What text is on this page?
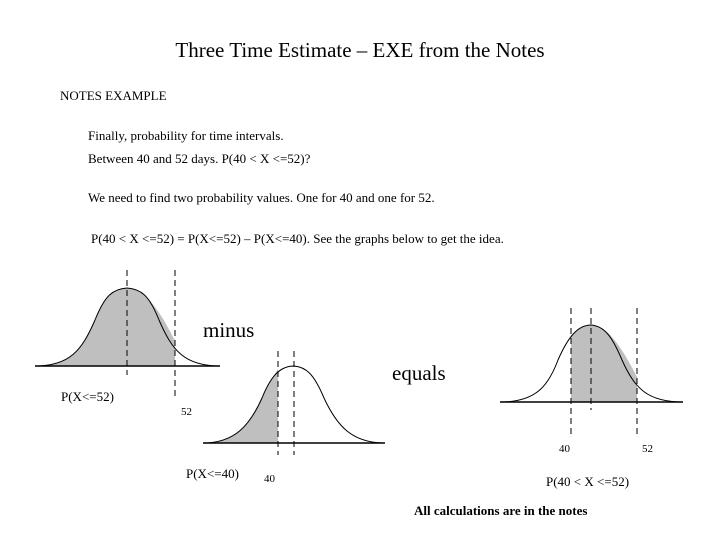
Three Time Estimate – EXE from the Notes
NOTES EXAMPLE
Finally, probability for time intervals.
Between 40 and 52 days. P(40 < X <=52)?
We need to find two probability values. One for 40 and one for 52.
P(40 < X <=52) = P(X<=52) – P(X<=40). See the graphs below to get the idea.
minus
equals
P(X<=52)
52
P(X<=40) 40
40	52
P(40 < X <=52)
All calculations are in the notes
